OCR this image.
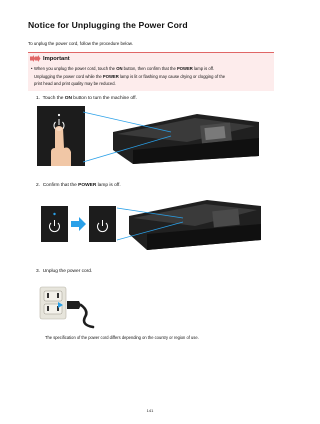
Notice for Unplugging the Power Cord
To unplug the power cord, follow the procedure below.
Important
• When you unplug the power cord, touch the ON button, then confirm that the POWER lamp is off.
Unplugging the power cord while the POWER lamp is lit or flashing may cause drying or clogging of the
print head and print quality may be reduced.
1. Touch the ON button to turn the machine off.
2. Confirm that the POWER lamp is off.
3. Unplug the power cord.
The specification of the power cord differs depending on the country or region of use.
141
